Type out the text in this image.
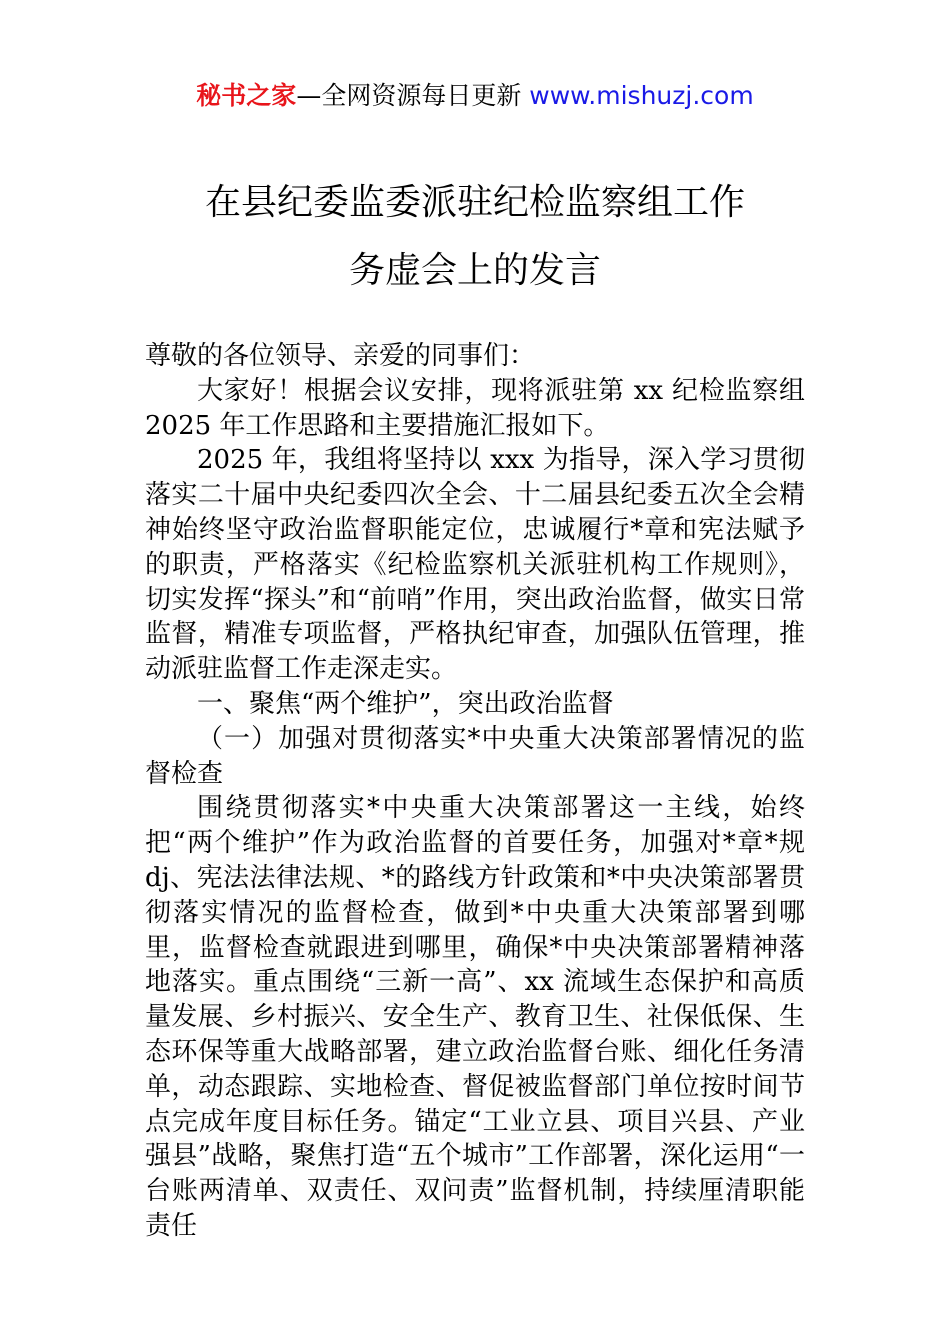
秘书之家—全网资源每日更新 www.mishuzj.com
在县纪委监委派驻纪检监察组工作
务虚会上的发言

尊敬的各位领导、亲爱的同事们：

大家好！根据会议安排，现将派驻第 xx 纪检监察组 2025 年工作思路和主要措施汇报如下。

2025 年，我组将坚持以 xxx 为指导，深入学习贯彻落实二十届中央纪委四次全会、十二届县纪委五次全会精神始终坚守政治监督职能定位，忠诚履行*章和宪法赋予的职责，严格落实《纪检监察机关派驻机构工作规则》，切实发挥“探头”和“前哨”作用，突出政治监督，做实日常监督，精准专项监督，严格执纪审查，加强队伍管理，推动派驻监督工作走深走实。

一、聚焦“两个维护”，突出政治监督

（一）加强对贯彻落实*中央重大决策部署情况的监督检查

围绕贯彻落实*中央重大决策部署这一主线，始终把“两个维护”作为政治监督的首要任务，加强对*章*规 dj、宪法法律法规、*的路线方针政策和*中央决策部署贯彻落实情况的监督检查，做到*中央重大决策部署到哪里，监督检查就跟进到哪里，确保*中央决策部署精神落地落实。重点围绕“三新一高”、xx 流域生态保护和高质量发展、乡村振兴、安全生产、教育卫生、社保低保、生态环保等重大战略部署，建立政治监督台账、细化任务清单，动态跟踪、实地检查、督促被监督部门单位按时间节点完成年度目标任务。锚定“工业立县、项目兴县、产业强县”战略，聚焦打造“五个城市”工作部署，深化运用“一台账两清单、双责任、双问责”监督机制，持续厘清职能责任
